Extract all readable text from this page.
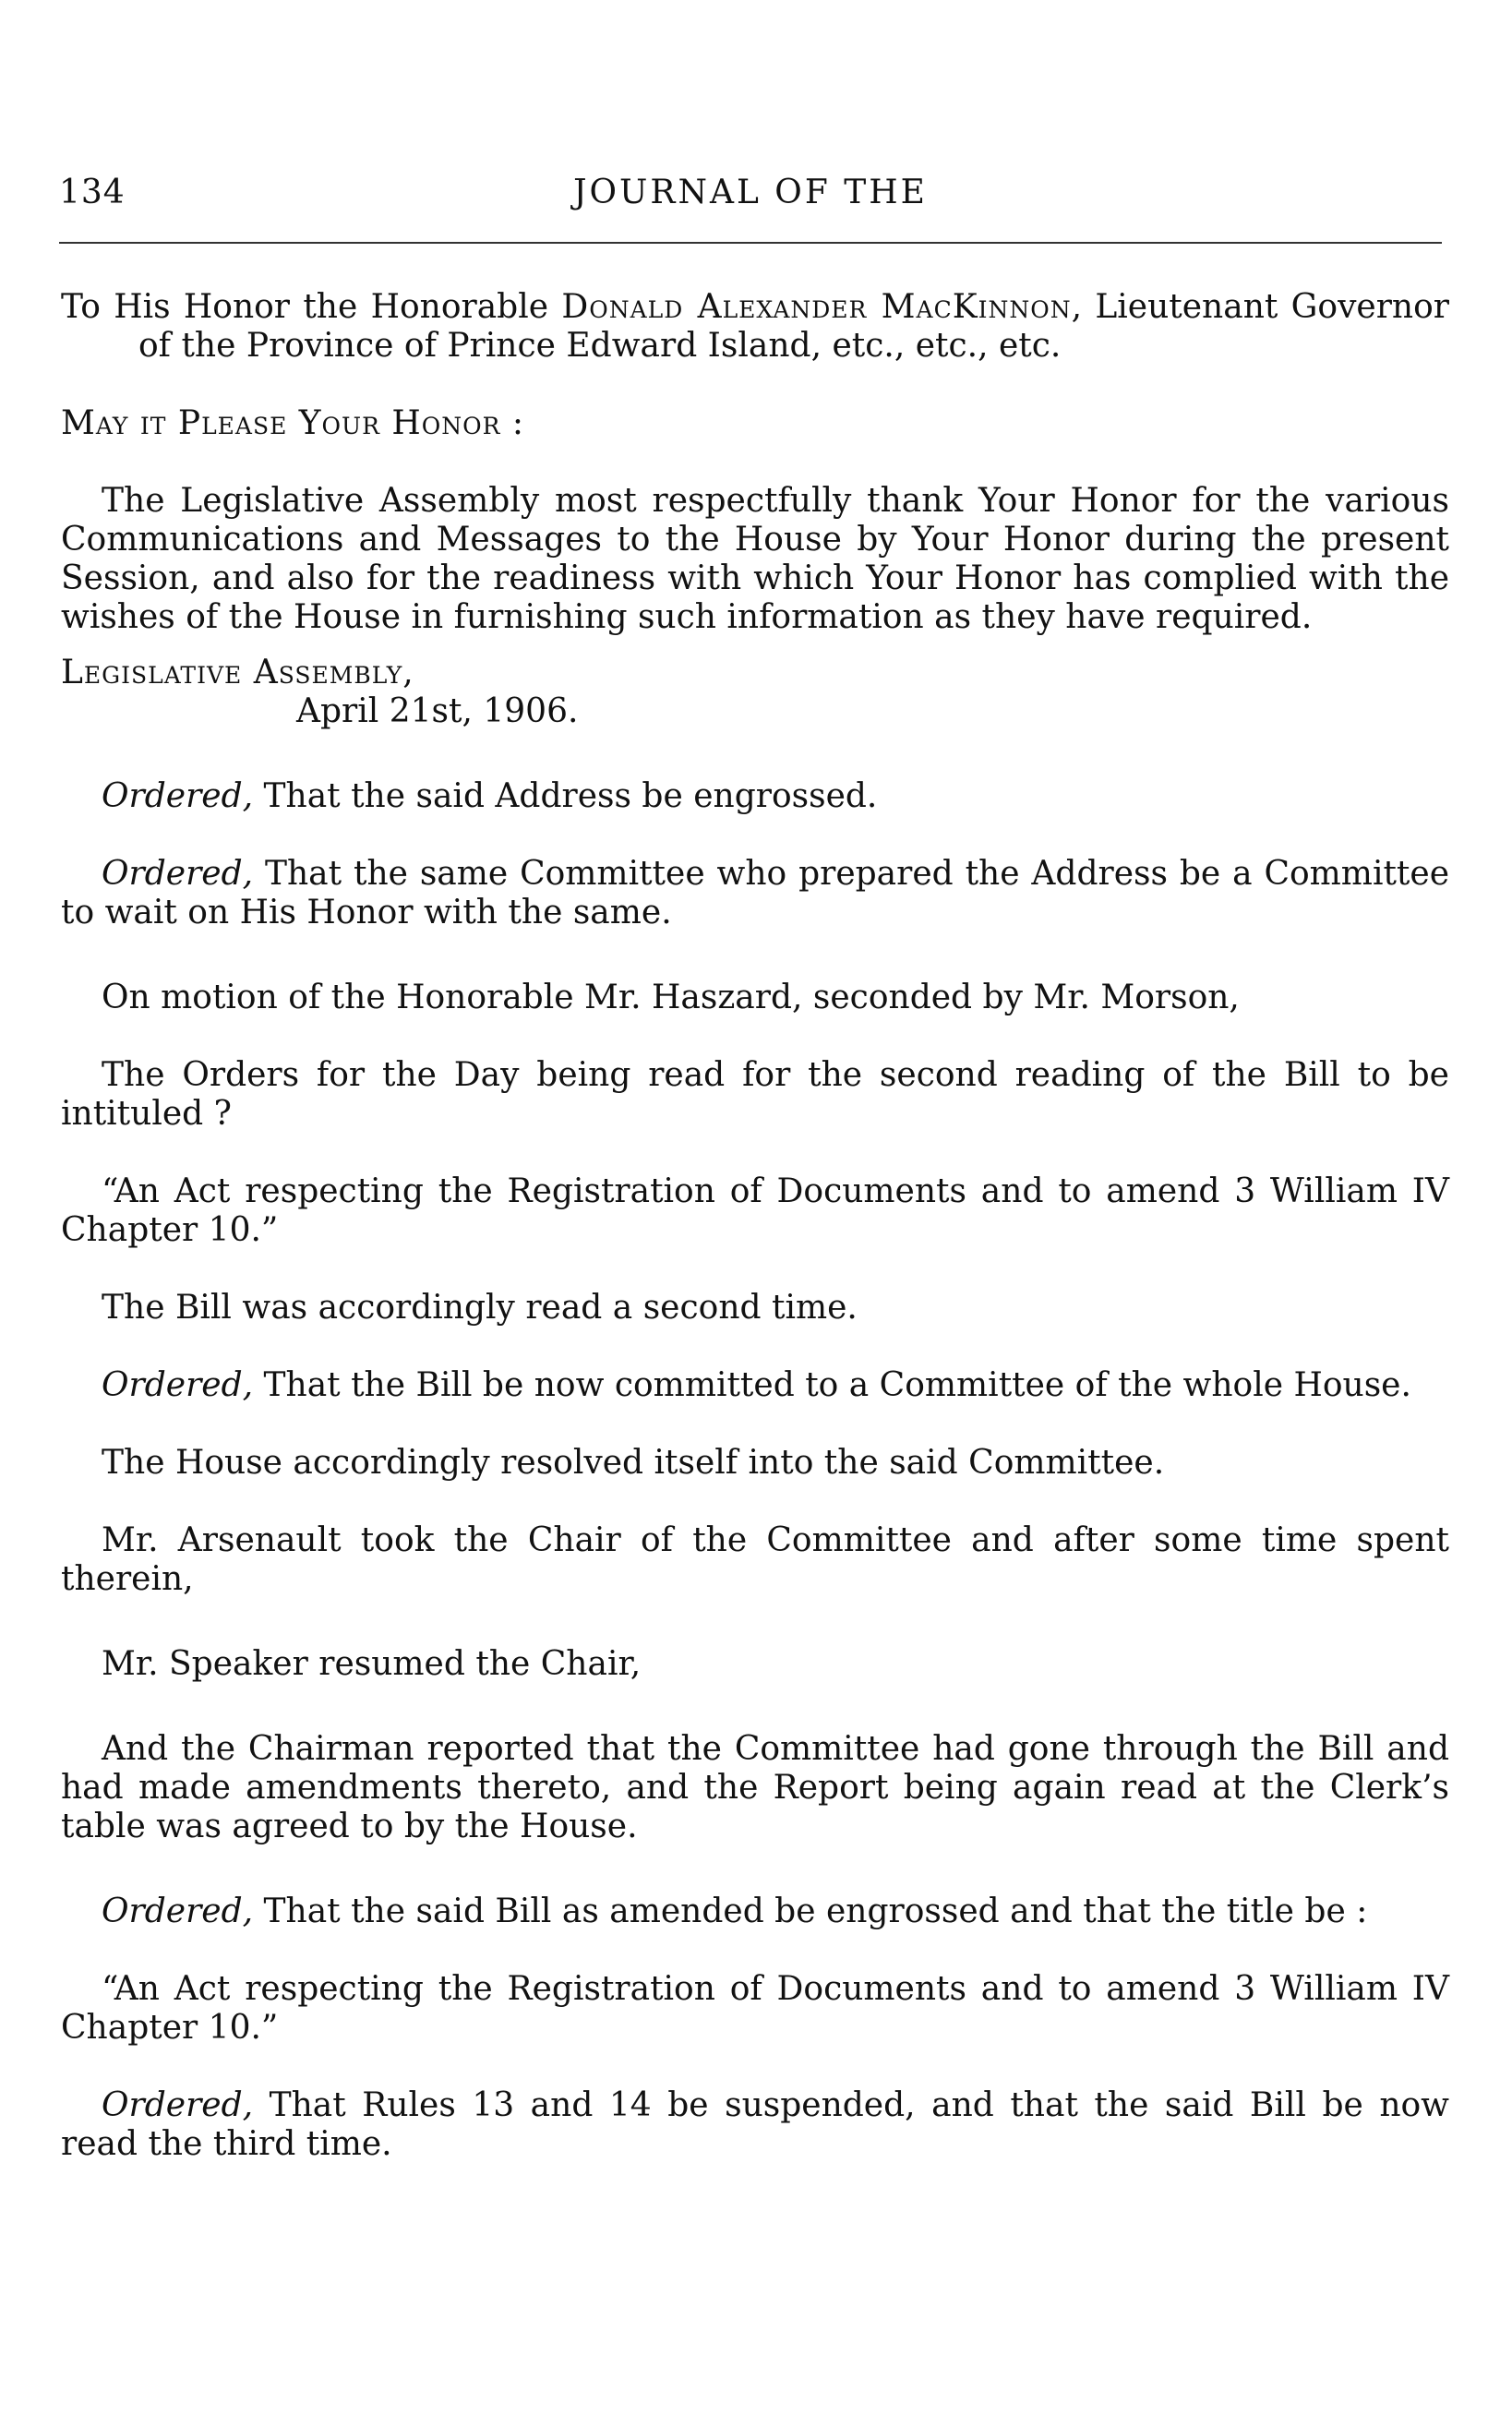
134	JOURNAL OF THE

To His Honor the Honorable Donald Alexander MacKinnon, Lieutenant Governor of the Province of Prince Edward Island, etc., etc., etc.

May it Please Your Honor :

The Legislative Assembly most respectfully thank Your Honor for the various Communications and Messages to the House by Your Honor during the present Session, and also for the readiness with which Your Honor has complied with the wishes of the House in furnishing such information as they have required.

Legislative Assembly,

April 21st, 1906.

Ordered, That the said Address be engrossed.

Ordered, That the same Committee who prepared the Address be a Committee to wait on His Honor with the same.

On motion of the Honorable Mr. Haszard, seconded by Mr. Morson,

The Orders for the Day being read for the second reading of the Bill to be intituled ?

“An Act respecting the Registration of Documents and to amend 3 William IV Chapter 10.”

The Bill was accordingly read a second time.

Ordered, That the Bill be now committed to a Committee of the whole House.

The House accordingly resolved itself into the said Committee.

Mr. Arsenault took the Chair of the Committee and after some time spent therein,

Mr. Speaker resumed the Chair,

And the Chairman reported that the Committee had gone through the Bill and had made amendments thereto, and the Report being again read at the Clerk’s table was agreed to by the House.

Ordered, That the said Bill as amended be engrossed and that the title be :

“An Act respecting the Registration of Documents and to amend 3 William IV Chapter 10.”

Ordered, That Rules 13 and 14 be suspended, and that the said Bill be now read the third time.
